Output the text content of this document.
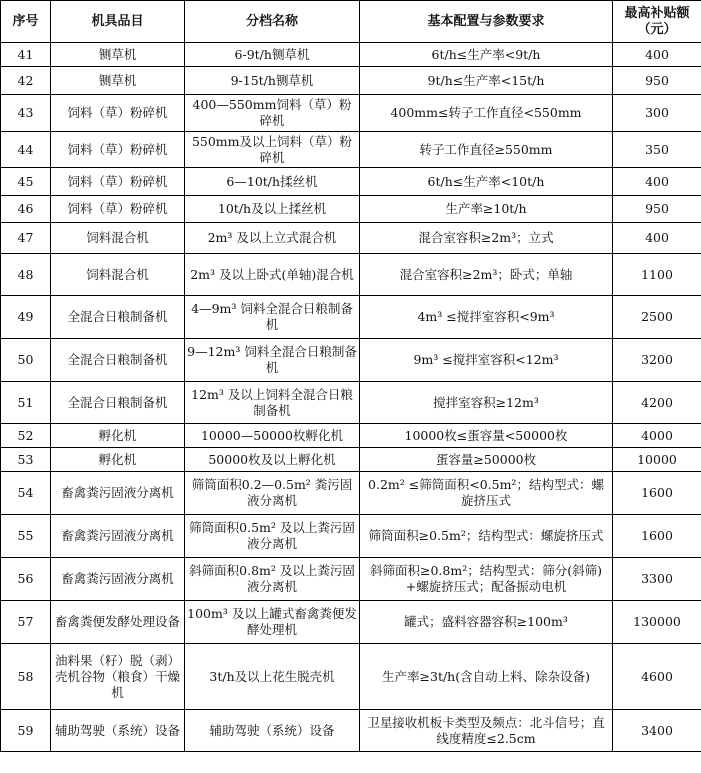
序号	机具品目	分档名称	基本配置与参数要求	最高补贴额（元）
41	铡草机	6-9t/h铡草机	6t/h≤生产率<9t/h	400
42	铡草机	9-15t/h铡草机	9t/h≤生产率<15t/h	950
43	饲料（草）粉碎机	400—550mm饲料（草）粉碎机	400mm≤转子工作直径<550mm	300
44	饲料（草）粉碎机	550mm及以上饲料（草）粉碎机	转子工作直径≥550mm	350
45	饲料（草）粉碎机	6—10t/h揉丝机	6t/h≤生产率<10t/h	400
46	饲料（草）粉碎机	10t/h及以上揉丝机	生产率≥10t/h	950
47	饲料混合机	2m³ 及以上立式混合机	混合室容积≥2m³；立式	400
48	饲料混合机	2m³ 及以上卧式(单轴)混合机	混合室容积≥2m³；卧式；单轴	1100
49	全混合日粮制备机	4—9m³ 饲料全混合日粮制备机	4m³ ≤搅拌室容积<9m³	2500
50	全混合日粮制备机	9—12m³ 饲料全混合日粮制备机	9m³ ≤搅拌室容积<12m³	3200
51	全混合日粮制备机	12m³ 及以上饲料全混合日粮制备机	搅拌室容积≥12m³	4200
52	孵化机	10000—50000枚孵化机	10000枚≤蛋容量<50000枚	4000
53	孵化机	50000枚及以上孵化机	蛋容量≥50000枚	10000
54	畜禽粪污固液分离机	筛筒面积0.2—0.5m² 粪污固液分离机	0.2m² ≤筛筒面积<0.5m²；结构型式：螺旋挤压式	1600
55	畜禽粪污固液分离机	筛筒面积0.5m² 及以上粪污固液分离机	筛筒面积≥0.5m²；结构型式：螺旋挤压式	1600
56	畜禽粪污固液分离机	斜筛面积0.8m² 及以上粪污固液分离机	斜筛面积≥0.8m²；结构型式：筛分(斜筛)+螺旋挤压式；配备振动电机	3300
57	畜禽粪便发酵处理设备	100m³ 及以上罐式畜禽粪便发酵处理机	罐式；盛料容器容积≥100m³	130000
58	油料果（籽）脱（剥）壳机谷物（粮食）干燥机	3t/h及以上花生脱壳机	生产率≥3t/h(含自动上料、除杂设备)	4600
59	辅助驾驶（系统）设备	辅助驾驶（系统）设备	卫星接收机板卡类型及频点：北斗信号；直线度精度≤2.5cm	3400
